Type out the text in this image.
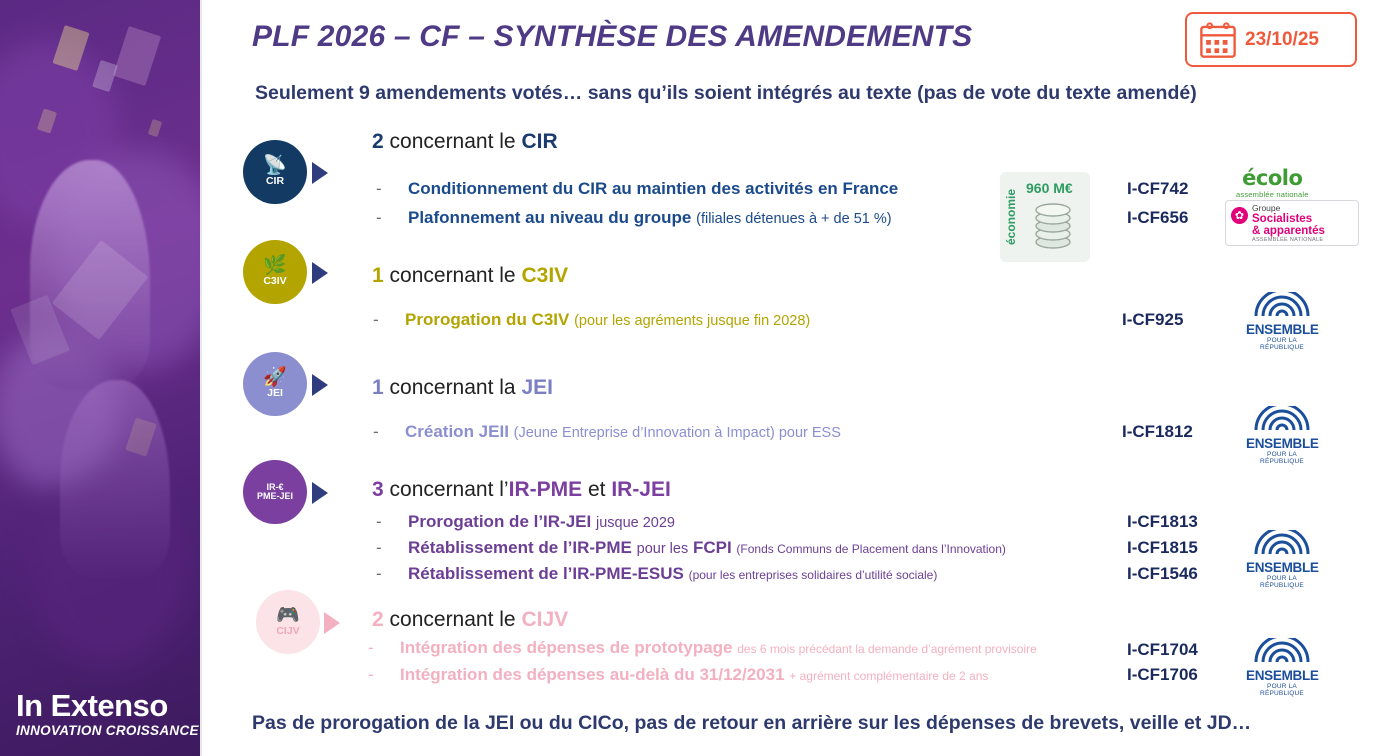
In Extenso
INNOVATION CROISSANCE
PLF 2026 – CF – SYNTHÈSE DES AMENDEMENTS	23/10/25
Seulement 9 amendements votés… sans qu’ils soient intégrés au texte (pas de vote du texte amendé)
📡
CIR
2 concernant le CIR
- Conditionnement du CIR au maintien des activités en France	I-CF742
- Plafonnement au niveau du groupe (filiales détenues à + de 51 %)	I-CF656
économie
960 M€	écolo
assemblée nationale
✿
Groupe
Socialistes
& apparentés
ASSEMBLÉE NATIONALE
🌿
C3IV	1 concernant le C3IV
- Prorogation du C3IV (pour les agréments jusque fin 2028)	I-CF925
ENSEMBLE
POUR LA RÉPUBLIQUE
🚀
JEI	1 concernant la JEI
- Création JEII (Jeune Entreprise d’Innovation à Impact) pour ESS	I-CF1812
ENSEMBLE
POUR LA RÉPUBLIQUE
IR-€
PME-JEI	3 concernant l’IR-PME et IR-JEI
- Prorogation de l’IR-JEI jusque 2029	I-CF1813
- Rétablissement de l’IR-PME pour les FCPI (Fonds Communs de Placement dans l’Innovation)	I-CF1815
- Rétablissement de l’IR-PME-ESUS (pour les entreprises solidaires d’utilité sociale)	I-CF1546	ENSEMBLE
POUR LA RÉPUBLIQUE
🎮
CIJV
2 concernant le CIJV
- Intégration des dépenses de prototypage des 6 mois précédant la demande d’agrément provisoire	I-CF1704
- Intégration des dépenses au-delà du 31/12/2031 + agrément complémentaire de 2 ans	I-CF1706	ENSEMBLE
POUR LA RÉPUBLIQUE
Pas de prorogation de la JEI ou du CICo, pas de retour en arrière sur les dépenses de brevets, veille et JD…
